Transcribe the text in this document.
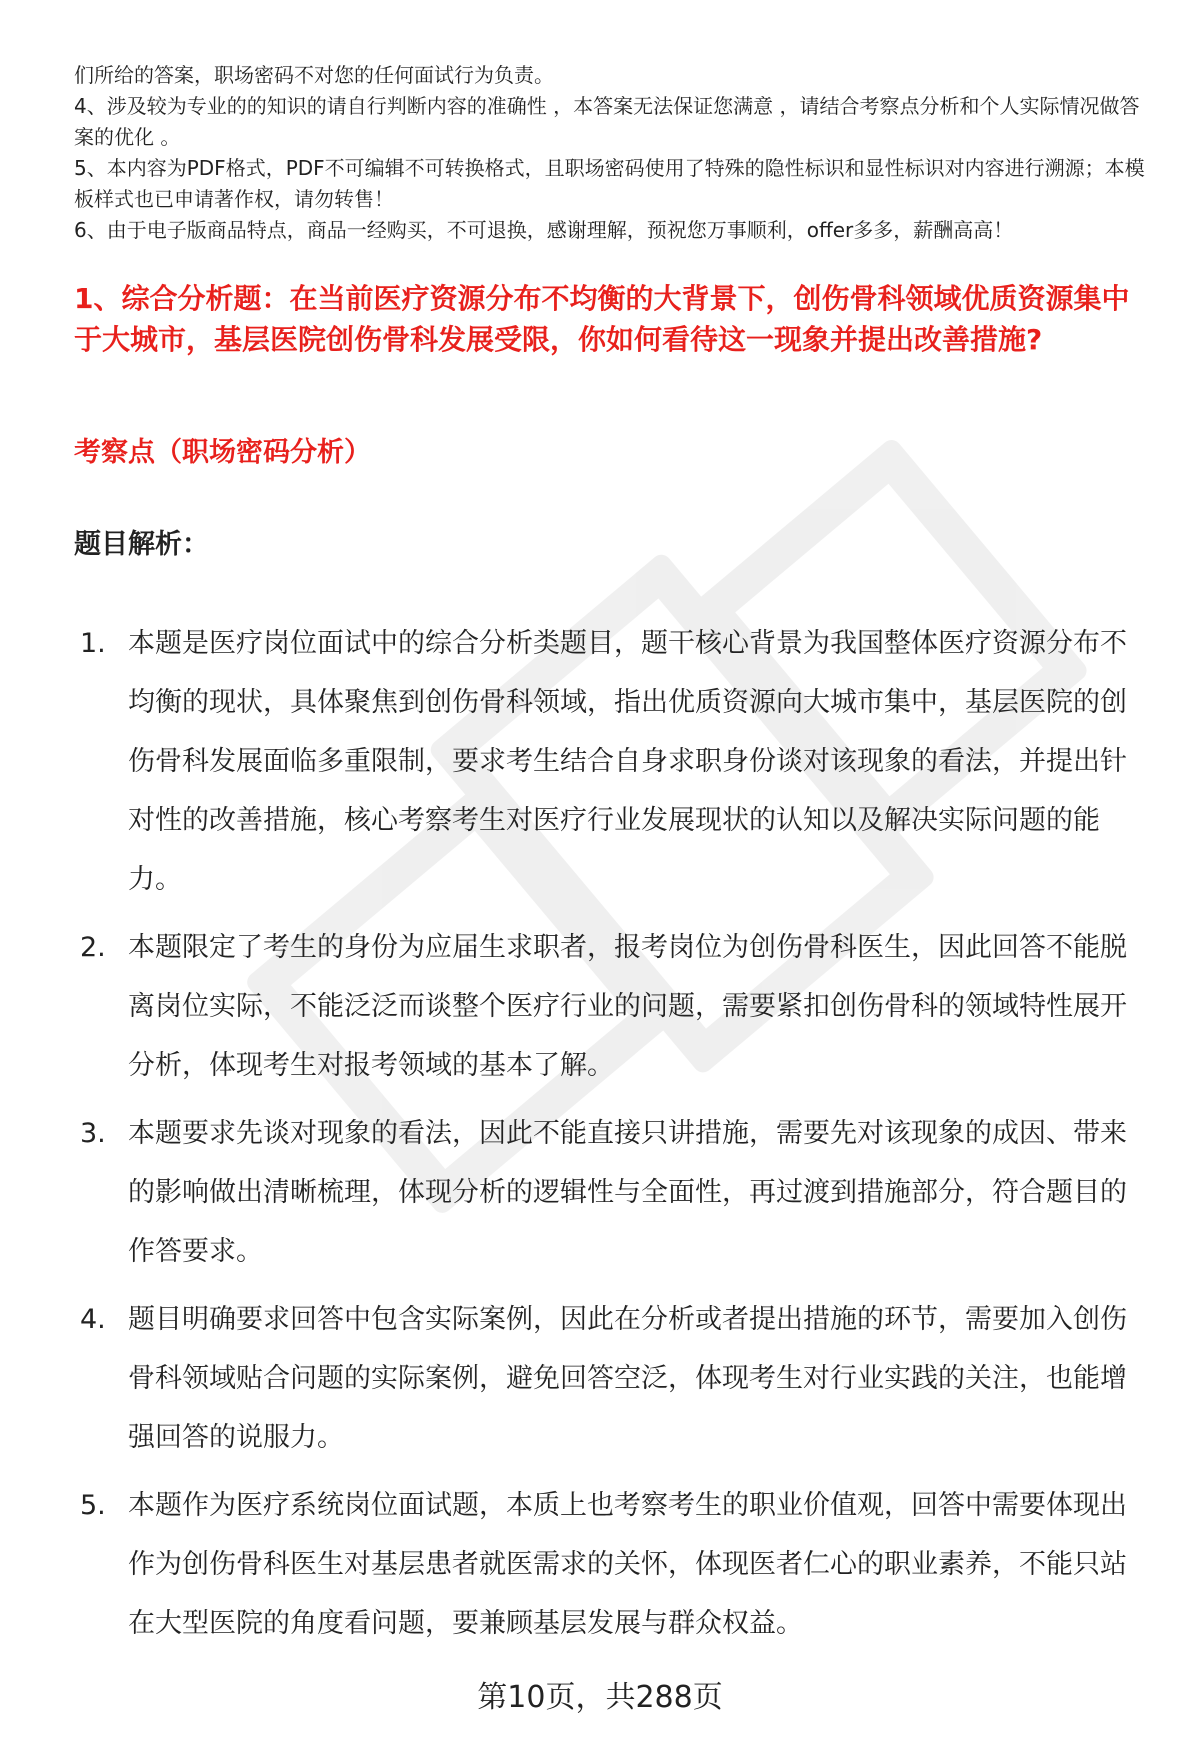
们所给的答案，职场密码不对您的任何面试行为负责。

4、涉及较为专业的的知识的请自行判断内容的准确性 ，本答案无法保证您满意 ，请结合考察点分析和个人实际情况做答案的优化 。

5、本内容为PDF格式，PDF不可编辑不可转换格式，且职场密码使用了特殊的隐性标识和显性标识对内容进行溯源；本模板样式也已申请著作权，请勿转售！

6、由于电子版商品特点，商品一经购买，不可退换，感谢理解，预祝您万事顺利，offer多多，薪酬高高！

1、综合分析题：在当前医疗资源分布不均衡的大背景下，创伤骨科领域优质资源集中于大城市，基层医院创伤骨科发展受限，你如何看待这一现象并提出改善措施?

考察点（职场密码分析）

题目解析：

1. 本题是医疗岗位面试中的综合分析类题目，题干核心背景为我国整体医疗资源分布不均衡的现状，具体聚焦到创伤骨科领域，指出优质资源向大城市集中，基层医院的创伤骨科发展面临多重限制，要求考生结合自身求职身份谈对该现象的看法，并提出针对性的改善措施，核心考察考生对医疗行业发展现状的认知以及解决实际问题的能力。
2. 本题限定了考生的身份为应届生求职者，报考岗位为创伤骨科医生，因此回答不能脱离岗位实际，不能泛泛而谈整个医疗行业的问题，需要紧扣创伤骨科的领域特性展开分析，体现考生对报考领域的基本了解。
3. 本题要求先谈对现象的看法，因此不能直接只讲措施，需要先对该现象的成因、带来的影响做出清晰梳理，体现分析的逻辑性与全面性，再过渡到措施部分，符合题目的作答要求。
4. 题目明确要求回答中包含实际案例，因此在分析或者提出措施的环节，需要加入创伤骨科领域贴合问题的实际案例，避免回答空泛，体现考生对行业实践的关注，也能增强回答的说服力。
5. 本题作为医疗系统岗位面试题，本质上也考察考生的职业价值观，回答中需要体现出作为创伤骨科医生对基层患者就医需求的关怀，体现医者仁心的职业素养，不能只站在大型医院的角度看问题，要兼顾基层发展与群众权益。
第10页，共288页
